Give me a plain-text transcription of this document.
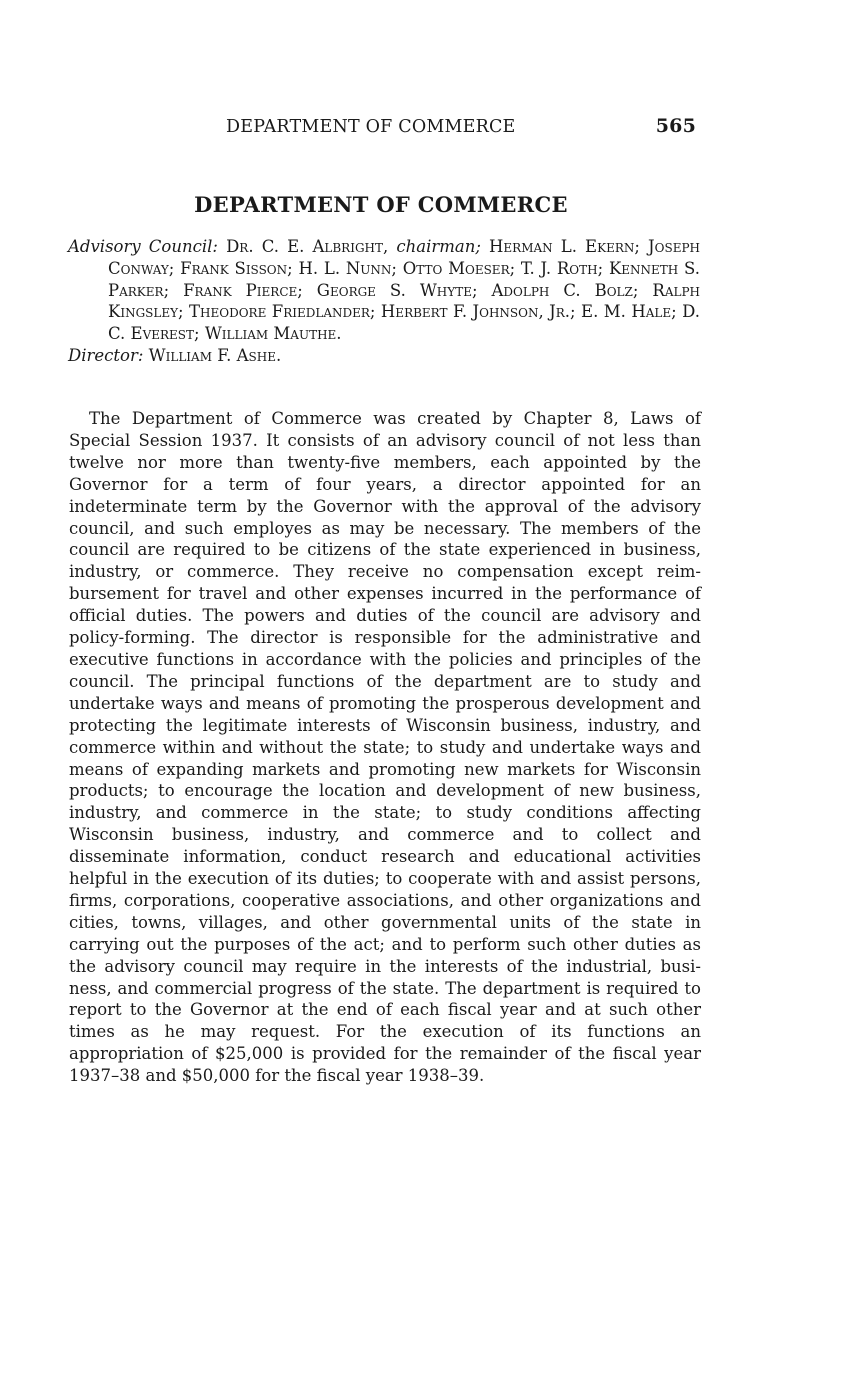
DEPARTMENT OF COMMERCE	565
DEPARTMENT OF COMMERCE

Advisory Council: Dr. C. E. Albright, chairman; Herman L. Ekern; Joseph Conway; Frank Sisson; H. L. Nunn; Otto Moeser; T. J. Roth; Kenneth S. Parker; Frank Pierce; George S. Whyte; Adolph C. Bolz; Ralph Kingsley; Theodore Friedlander; Herbert F. Johnson, Jr.; E. M. Hale; D. C. Everest; William Mauthe.

Director: William F. Ashe.

The Department of Commerce was created by Chapter 8, Laws of Special Session 1937. It consists of an advisory council of not less than twelve nor more than twenty-five members, each appointed by the Governor for a term of four years, a director appointed for an indeterminate term by the Governor with the approval of the advisory council, and such employes as may be necessary. The members of the council are required to be citizens of the state experienced in business, industry, or commerce. They receive no compensation except reimbursement for travel and other expenses incurred in the performance of official duties. The powers and duties of the council are advisory and policy-forming. The director is responsible for the administrative and executive functions in accordance with the policies and principles of the council. The principal functions of the department are to study and undertake ways and means of promoting the prosperous development and protecting the legitimate interests of Wisconsin business, industry, and commerce within and without the state; to study and undertake ways and means of expanding markets and promoting new markets for Wisconsin products; to encourage the location and development of new business, industry, and commerce in the state; to study conditions affecting Wisconsin business, industry, and commerce and to collect and disseminate information, conduct research and educational activities helpful in the execution of its duties; to cooperate with and assist persons, firms, corporations, cooperative associations, and other organizations and cities, towns, villages, and other governmental units of the state in carrying out the purposes of the act; and to perform such other duties as the advisory council may require in the interests of the industrial, business, and commercial progress of the state. The department is required to report to the Governor at the end of each fiscal year and at such other times as he may request. For the execution of its functions an appropriation of $25,000 is provided for the remainder of the fiscal year 1937–38 and $50,000 for the fiscal year 1938–39.
